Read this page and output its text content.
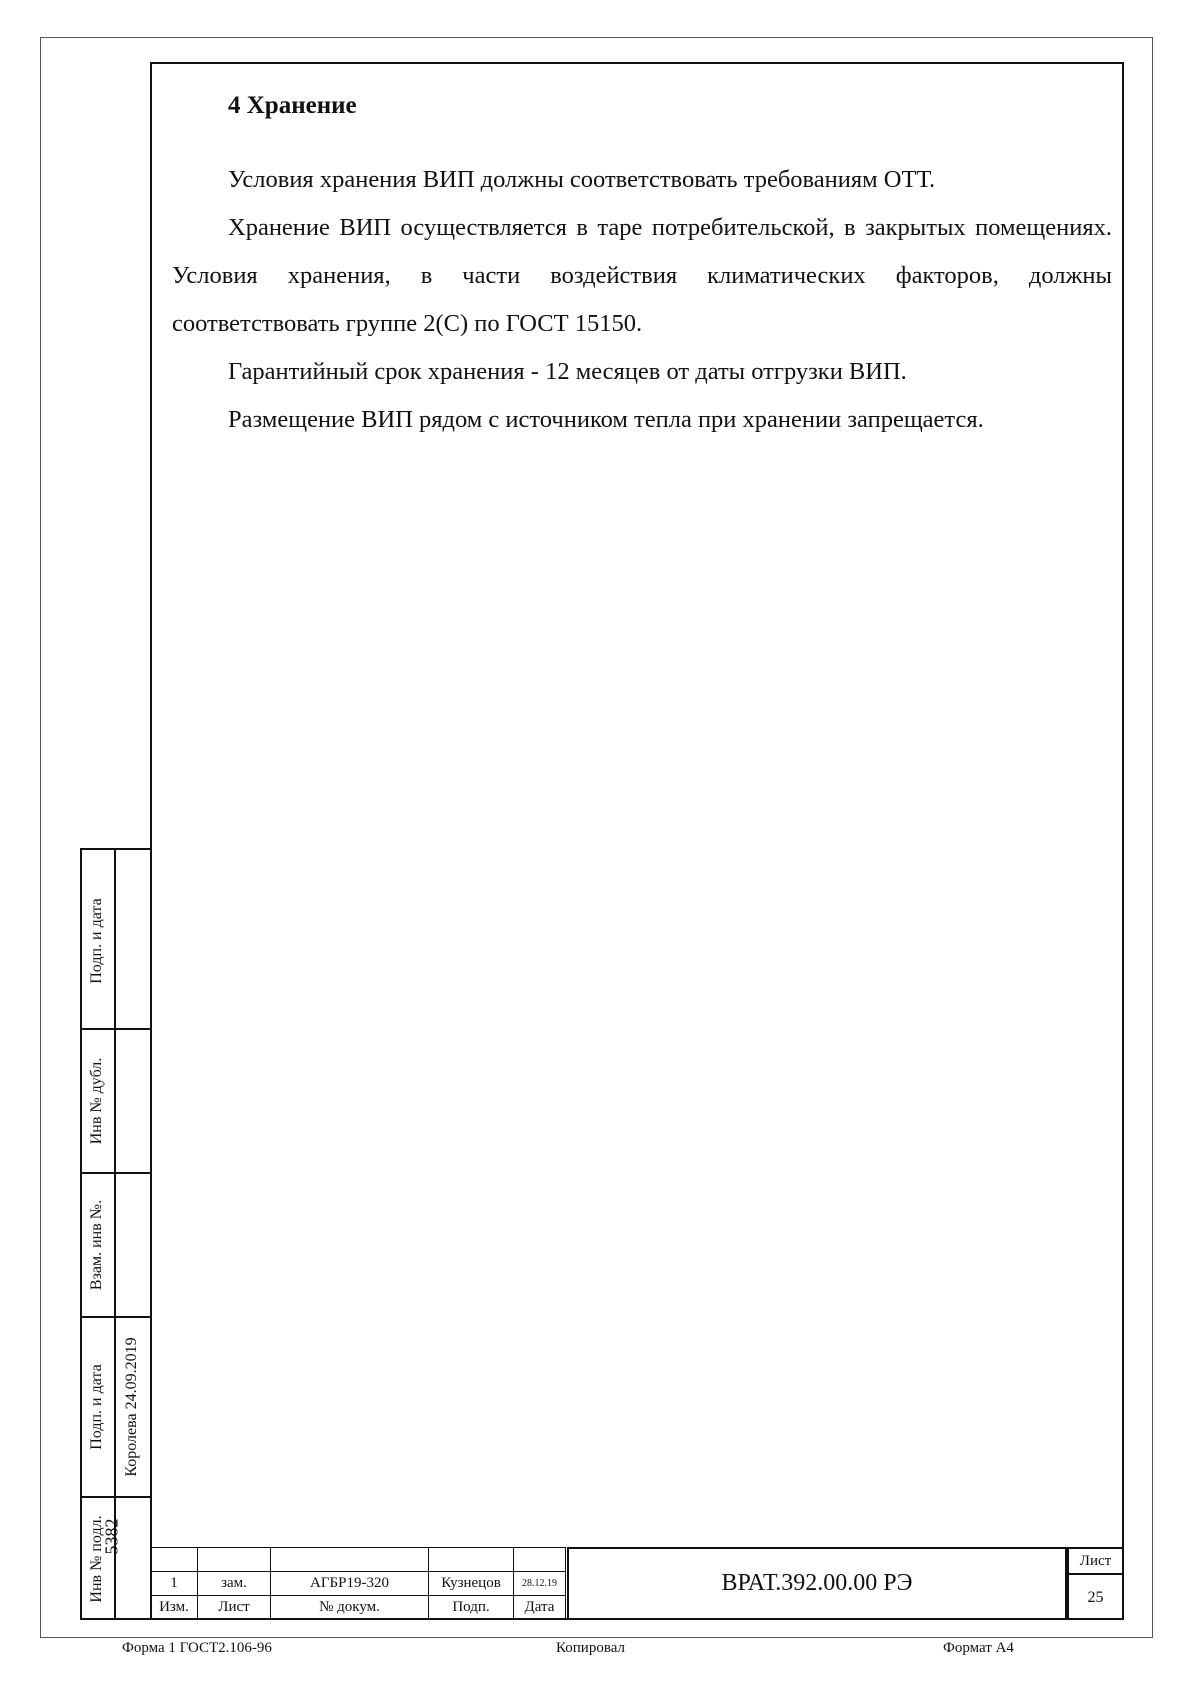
4 Хранение

Условия хранения ВИП должны соответствовать требованиям ОТТ.

Хранение ВИП осуществляется в таре потребительской, в закрытых помещениях. Условия хранения, в части воздействия климатических факторов, должны соответствовать группе 2(С) по ГОСТ 15150.

Гарантийный срок хранения - 12 месяцев от даты отгрузки ВИП.

Размещение ВИП рядом с источником тепла при хранении запрещается.

Подп. и дата
Инв № дубл.
Взам. инв №.
Подп. и дата Королева 24.09.2019
Инв № подл.
5382

1	зам.	АГБР19-320	Кузнецов	28.12.19
Изм.	Лист	№ докум.	Подп.	Дата
ВРАТ.392.00.00 РЭ
Лист
25
Форма 1 ГОСТ2.106-96	Копировал	Формат А4
